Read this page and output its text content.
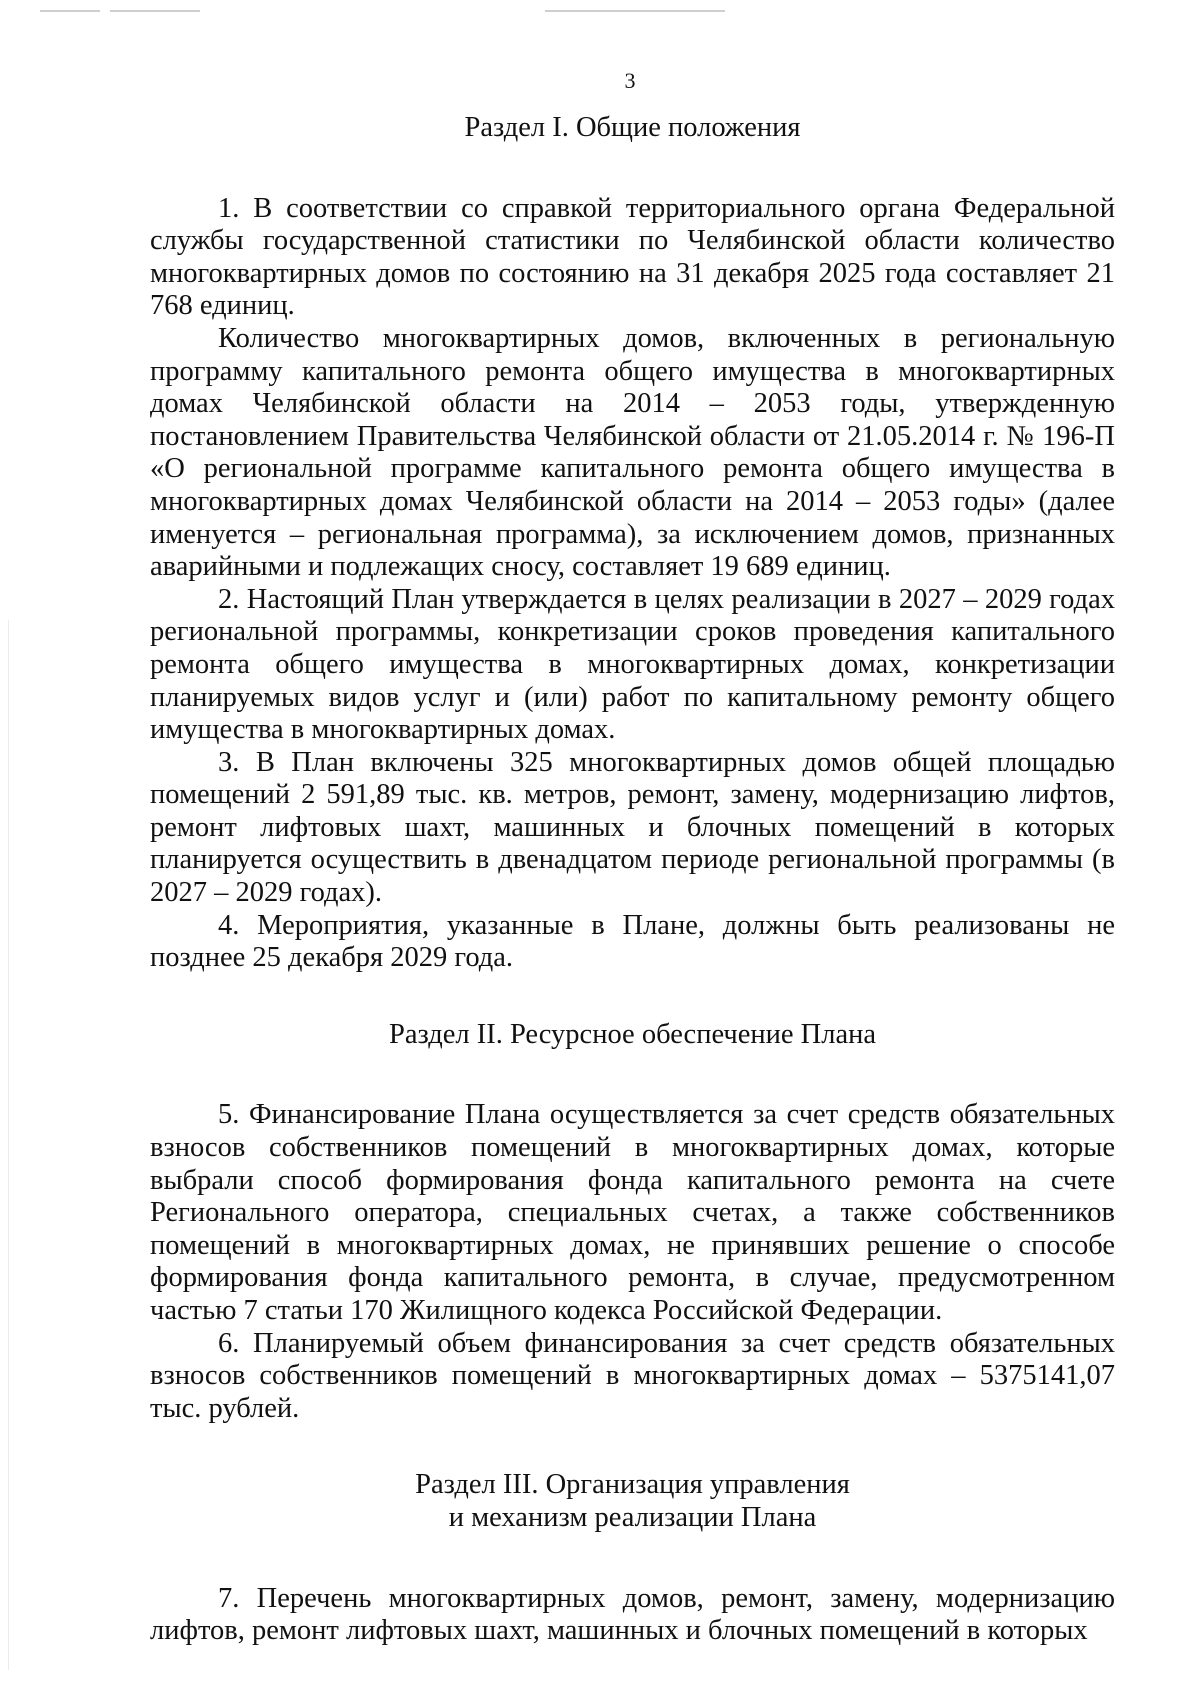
3
Раздел I. Общие положения

1. В соответствии со справкой территориального органа Федеральной службы государственной статистики по Челябинской области количество многоквартирных домов по состоянию на 31 декабря 2025 года составляет 21 768 единиц.

Количество многоквартирных домов, включенных в региональную программу капитального ремонта общего имущества в многоквартирных домах Челябинской области на 2014 – 2053 годы, утвержденную постановлением Правительства Челябинской области от 21.05.2014 г. № 196-П «О региональной программе капитального ремонта общего имущества в многоквартирных домах Челябинской области на 2014 – 2053 годы» (далее именуется – региональная программа), за исключением домов, признанных аварийными и подлежащих сносу, составляет 19 689 единиц.

2. Настоящий План утверждается в целях реализации в 2027 – 2029 годах региональной программы, конкретизации сроков проведения капитального ремонта общего имущества в многоквартирных домах, конкретизации планируемых видов услуг и (или) работ по капитальному ремонту общего имущества в многоквартирных домах.

3. В План включены 325 многоквартирных домов общей площадью помещений 2 591,89 тыс. кв. метров, ремонт, замену, модернизацию лифтов, ремонт лифтовых шахт, машинных и блочных помещений в которых планируется осуществить в двенадцатом периоде региональной программы (в 2027 – 2029 годах).

4. Мероприятия, указанные в Плане, должны быть реализованы не позднее 25 декабря 2029 года.

Раздел II. Ресурсное обеспечение Плана

5. Финансирование Плана осуществляется за счет средств обязательных взносов собственников помещений в многоквартирных домах, которые выбрали способ формирования фонда капитального ремонта на счете Регионального оператора, специальных счетах, а также собственников помещений в многоквартирных домах, не принявших решение о способе формирования фонда капитального ремонта, в случае, предусмотренном частью 7 статьи 170 Жилищного кодекса Российской Федерации.

6. Планируемый объем финансирования за счет средств обязательных взносов собственников помещений в многоквартирных домах – 5375141,07 тыс. рублей.

Раздел III. Организация управления
и механизм реализации Плана

7. Перечень многоквартирных домов, ремонт, замену, модернизацию лифтов, ремонт лифтовых шахт, машинных и блочных помещений в которых
